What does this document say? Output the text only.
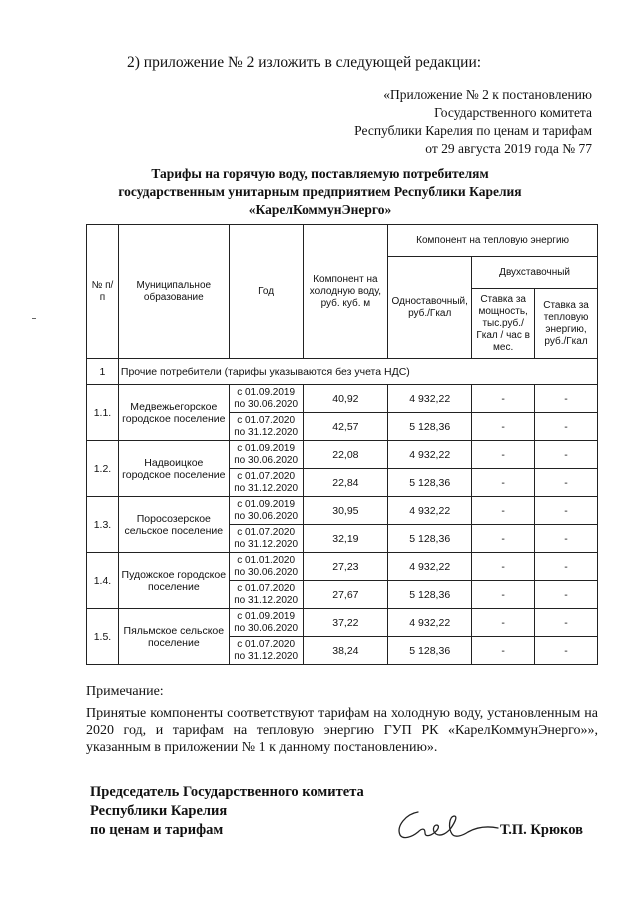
2) приложение № 2 изложить в следующей редакции:
«Приложение № 2 к постановлению
Государственного комитета
Республики Карелия по ценам и тарифам
от 29 августа 2019 года № 77
Тарифы на горячую воду, поставляемую потребителям
государственным унитарным предприятием Республики Карелия
«КарелКоммунЭнерго»
№ п/п	Муниципальное образование	Год	Компонент на холодную воду, руб. куб. м	Компонент на тепловую энергию		
				Одноставочный, руб./Гкал	Двухставочный	
					Ставка за мощность, тыс.руб./ Гкал / час в мес.	Ставка за тепловую энергию, руб./Гкал
1	Прочие потребители (тарифы указываются без учета НДС)					
1.1.	Медвежьегорское городское поселение	с 01.09.2019 по 30.06.2020	40,92	4 932,22	-	-
		с 01.07.2020 по 31.12.2020	42,57	5 128,36	-	-
1.2.	Надвоицкое городское поселение	с 01.09.2019 по 30.06.2020	22,08	4 932,22	-	-
		с 01.07.2020 по 31.12.2020	22,84	5 128,36	-	-
1.3.	Поросозерское сельское поселение	с 01.09.2019 по 30.06.2020	30,95	4 932,22	-	-
		с 01.07.2020 по 31.12.2020	32,19	5 128,36	-	-
1.4.	Пудожское городское поселение	с 01.01.2020 по 30.06.2020	27,23	4 932,22	-	-
		с 01.07.2020 по 31.12.2020	27,67	5 128,36	-	-
1.5.	Пяльмское сельское поселение	с 01.09.2019 по 30.06.2020	37,22	4 932,22	-	-
		с 01.07.2020 по 31.12.2020	38,24	5 128,36	-	-
Примечание:
Принятые компоненты соответствуют тарифам на холодную воду, установленным на 2020 год, и тарифам на тепловую энергию ГУП РК «КарелКоммунЭнерго»», указанным в приложении № 1 к данному постановлению».
Председатель Государственного комитета
Республики Карелия
по ценам и тарифам	Т.П. Крюков
